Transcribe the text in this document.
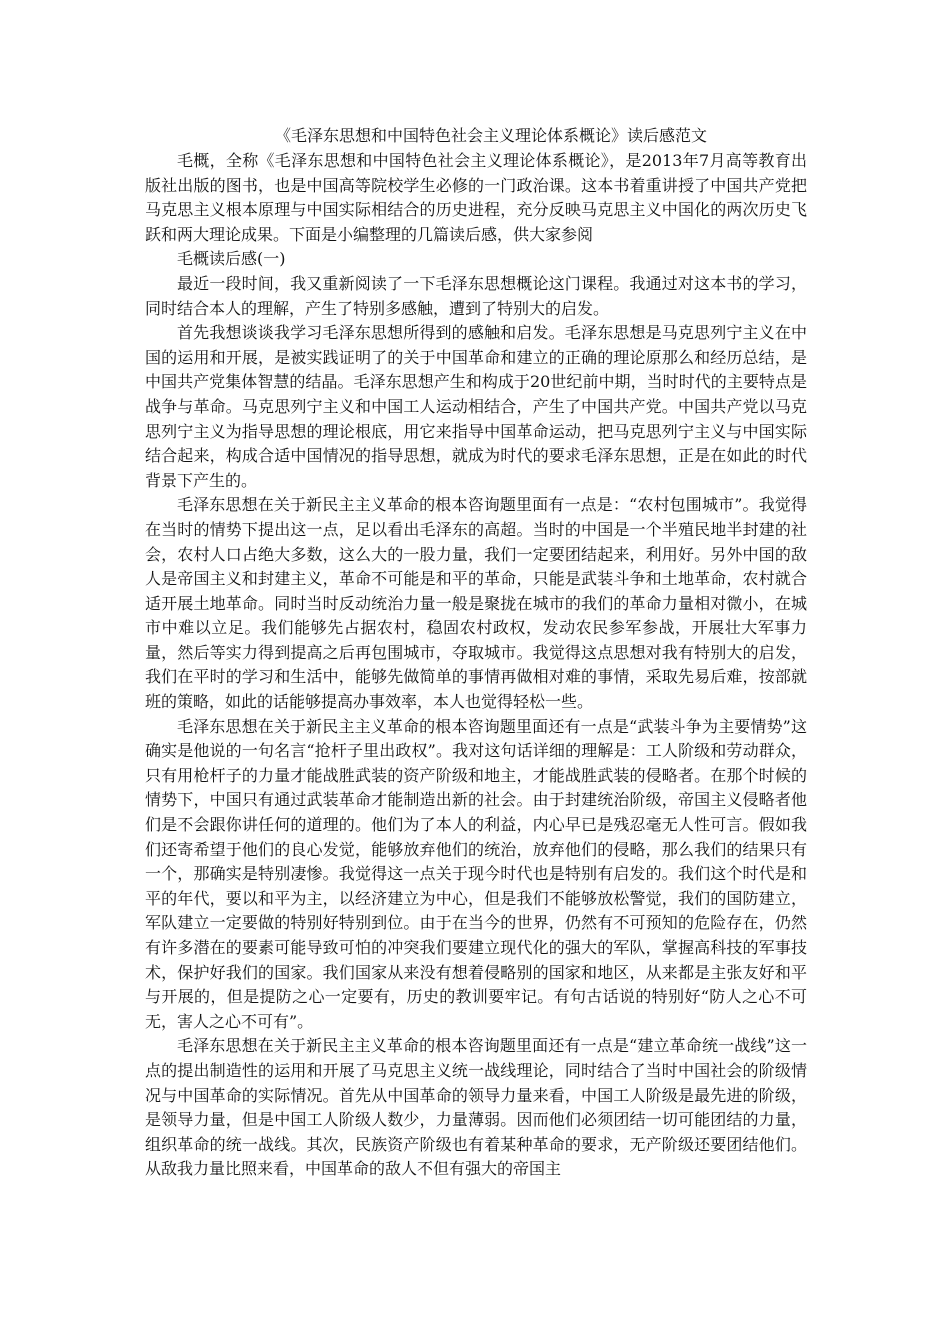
《毛泽东思想和中国特色社会主义理论体系概论》读后感范文

毛概，全称《毛泽东思想和中国特色社会主义理论体系概论》，是2013年7月高等教育出版社出版的图书，也是中国高等院校学生必修的一门政治课。这本书着重讲授了中国共产党把马克思主义根本原理与中国实际相结合的历史进程，充分反映马克思主义中国化的两次历史飞跃和两大理论成果。下面是小编整理的几篇读后感，供大家参阅

毛概读后感(一)

最近一段时间，我又重新阅读了一下毛泽东思想概论这门课程。我通过对这本书的学习，同时结合本人的理解，产生了特别多感触，遭到了特别大的启发。

首先我想谈谈我学习毛泽东思想所得到的感触和启发。毛泽东思想是马克思列宁主义在中国的运用和开展，是被实践证明了的关于中国革命和建立的正确的理论原那么和经历总结，是中国共产党集体智慧的结晶。毛泽东思想产生和构成于20世纪前中期，当时时代的主要特点是战争与革命。马克思列宁主义和中国工人运动相结合，产生了中国共产党。中国共产党以马克思列宁主义为指导思想的理论根底，用它来指导中国革命运动，把马克思列宁主义与中国实际结合起来，构成合适中国情况的指导思想，就成为时代的要求毛泽东思想，正是在如此的时代背景下产生的。

毛泽东思想在关于新民主主义革命的根本咨询题里面有一点是：“农村包围城市”。我觉得在当时的情势下提出这一点，足以看出毛泽东的高超。当时的中国是一个半殖民地半封建的社会，农村人口占绝大多数，这么大的一股力量，我们一定要团结起来，利用好。另外中国的敌人是帝国主义和封建主义，革命不可能是和平的革命，只能是武装斗争和土地革命，农村就合适开展土地革命。同时当时反动统治力量一般是聚拢在城市的我们的革命力量相对微小，在城市中难以立足。我们能够先占据农村，稳固农村政权，发动农民参军参战，开展壮大军事力量，然后等实力得到提高之后再包围城市，夺取城市。我觉得这点思想对我有特别大的启发，我们在平时的学习和生活中，能够先做简单的事情再做相对难的事情，采取先易后难，按部就班的策略，如此的话能够提高办事效率，本人也觉得轻松一些。

毛泽东思想在关于新民主主义革命的根本咨询题里面还有一点是“武装斗争为主要情势”这确实是他说的一句名言“抢杆子里出政权”。我对这句话详细的理解是：工人阶级和劳动群众，只有用枪杆子的力量才能战胜武装的资产阶级和地主，才能战胜武装的侵略者。在那个时候的情势下，中国只有通过武装革命才能制造出新的社会。由于封建统治阶级，帝国主义侵略者他们是不会跟你讲任何的道理的。他们为了本人的利益，内心早已是残忍毫无人性可言。假如我们还寄希望于他们的良心发觉，能够放弃他们的统治，放弃他们的侵略，那么我们的结果只有一个，那确实是特别凄惨。我觉得这一点关于现今时代也是特别有启发的。我们这个时代是和平的年代，要以和平为主，以经济建立为中心，但是我们不能够放松警觉，我们的国防建立，军队建立一定要做的特别好特别到位。由于在当今的世界，仍然有不可预知的危险存在，仍然有许多潜在的要素可能导致可怕的冲突我们要建立现代化的强大的军队，掌握高科技的军事技术，保护好我们的国家。我们国家从来没有想着侵略别的国家和地区，从来都是主张友好和平与开展的，但是提防之心一定要有，历史的教训要牢记。有句古话说的特别好“防人之心不可无，害人之心不可有”。

毛泽东思想在关于新民主主义革命的根本咨询题里面还有一点是“建立革命统一战线”这一点的提出制造性的运用和开展了马克思主义统一战线理论，同时结合了当时中国社会的阶级情况与中国革命的实际情况。首先从中国革命的领导力量来看，中国工人阶级是最先进的阶级，是领导力量，但是中国工人阶级人数少，力量薄弱。因而他们必须团结一切可能团结的力量，组织革命的统一战线。其次，民族资产阶级也有着某种革命的要求，无产阶级还要团结他们。从敌我力量比照来看，中国革命的敌人不但有强大的帝国主
